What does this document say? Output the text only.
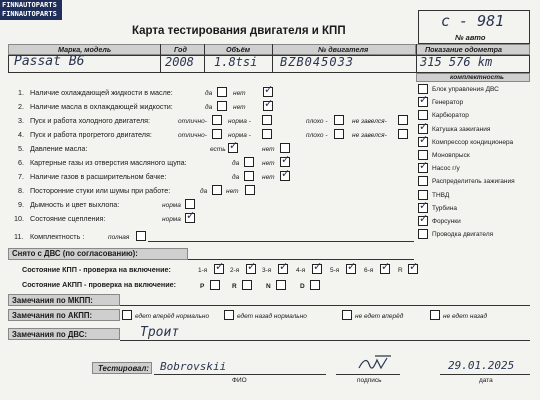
FINNAUTOPARTS
FINNAUTOPARTS
Карта тестирования двигателя и КПП
с - 981
№ авто
Марка, модель	Год	Объём	№ двигателя	Показание одометра
Passat B6	2008 1.8tsi BZB045033	315 576 km
комплектность
Снято с ДВС (по согласованию):
Состояние КПП - проверка на включение:
Состояние АКПП - проверка на включение:
Замечания по МКПП:
Замечания по АКПП:
Замечания по ДВС:	Троит
Тестировал: Bobrovskii
ФИО	подпись
29.01.2025
дата
Блок управления ДВС
✓ Генератор
Карбюратор
✓ Катушка зажигания
✓ Компрессор кондиционера
Моновпрыск
✓ Насос г/у
Распределитель зажигания
ТНВД
✓ Турбина
✓ Форсунки
Проводка двигателя
1. Наличие охлаждающей жидкости в масле:	да	нет ✓
2. Наличие масла в охлаждающей жидкости:	да	нет ✓
3. Пуск и работа холодного двигателя:	отлично-	норма -	плохо -	не завелся-
4. Пуск и работа прогретого двигателя:	отлично-	норма -	плохо -	не завелся-
5. Давление масла:	есть ✓	нет
6. Картерные газы из отверстия масляного щупа:	да	нет ✓
7. Наличие газов в расширительном бачке:	да	нет ✓
8. Посторонние стуки или шумы при работе:	да	нет
9. Дымность и цвет выхлопа:	норма
10. Состояние сцепления:	норма ✓
11. Комплектность :	полная
1-я ✓ 2-я ✓ 3-я ✓ 4-я ✓ 5-я ✓ 6-я ✓ R ✓
P	R	N	D
едет вперёд нормально	едет назад нормально	не едет вперёд	не едет назад
